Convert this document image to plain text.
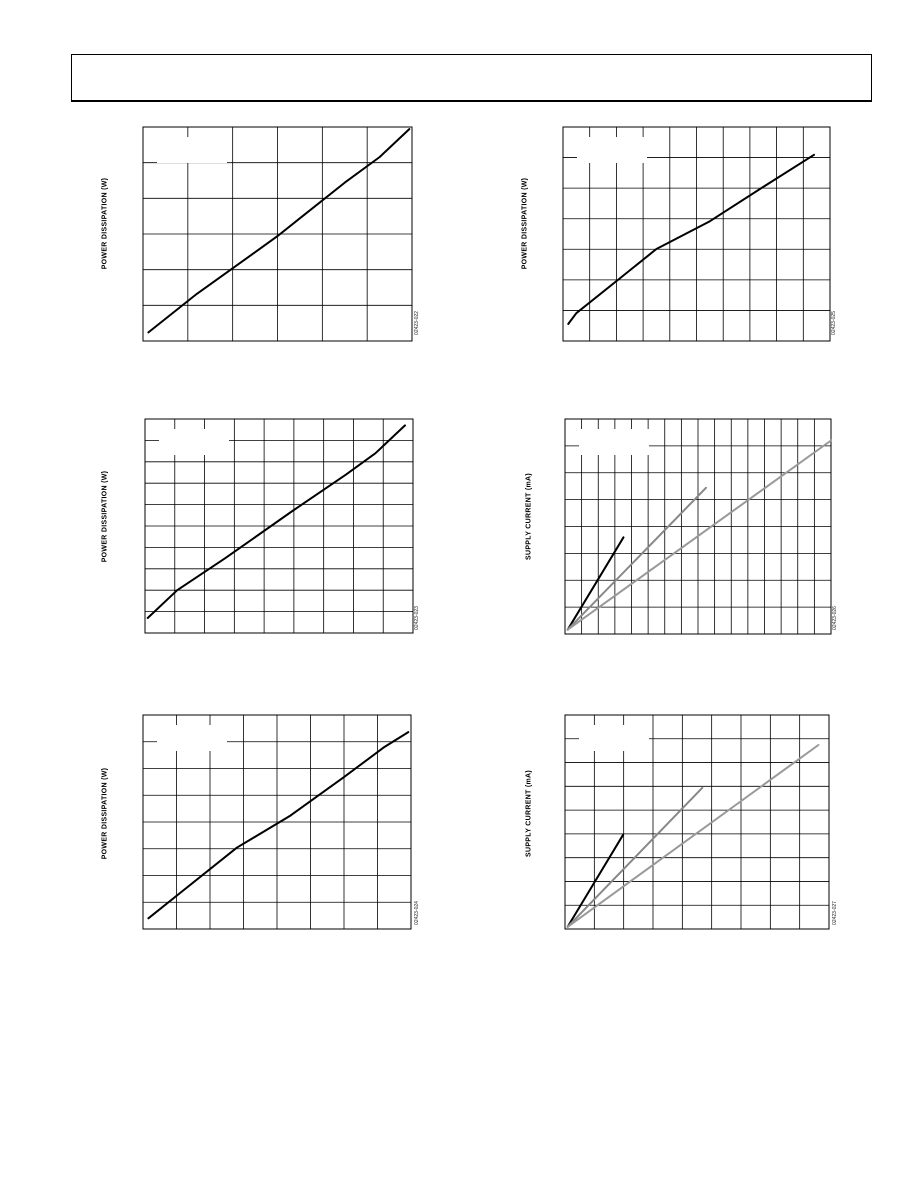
POWER DISSIPATION (W)
02423-022
POWER DISSIPATION (W)
02423-025
POWER DISSIPATION (W)
02423-023
SUPPLY CURRENT (mA)
02423-026
POWER DISSIPATION (W)
02423-024
SUPPLY CURRENT (mA)
02423-027
